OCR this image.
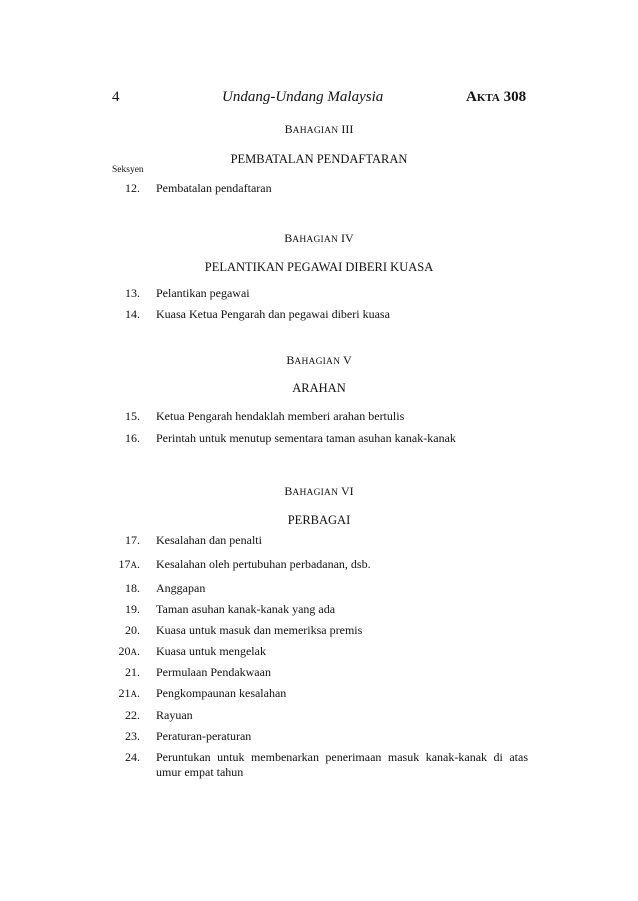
4	Undang-Undang Malaysia	AKTA 308
BAHAGIAN III
PEMBATALAN PENDAFTARAN
Seksyen
12. Pembatalan pendaftaran
BAHAGIAN IV
PELANTIKAN PEGAWAI DIBERI KUASA
13. Pelantikan pegawai
14. Kuasa Ketua Pengarah dan pegawai diberi kuasa
BAHAGIAN V
ARAHAN
15. Ketua Pengarah hendaklah memberi arahan bertulis
16. Perintah untuk menutup sementara taman asuhan kanak-kanak
BAHAGIAN VI
PERBAGAI
17. Kesalahan dan penalti
17A. Kesalahan oleh pertubuhan perbadanan, dsb.
18. Anggapan
19. Taman asuhan kanak-kanak yang ada
20. Kuasa untuk masuk dan memeriksa premis
20A. Kuasa untuk mengelak
21. Permulaan Pendakwaan
21A. Pengkompaunan kesalahan
22. Rayuan
23. Peraturan-peraturan
24. Peruntukan untuk membenarkan penerimaan masuk kanak-kanak di atas umur empat tahun
